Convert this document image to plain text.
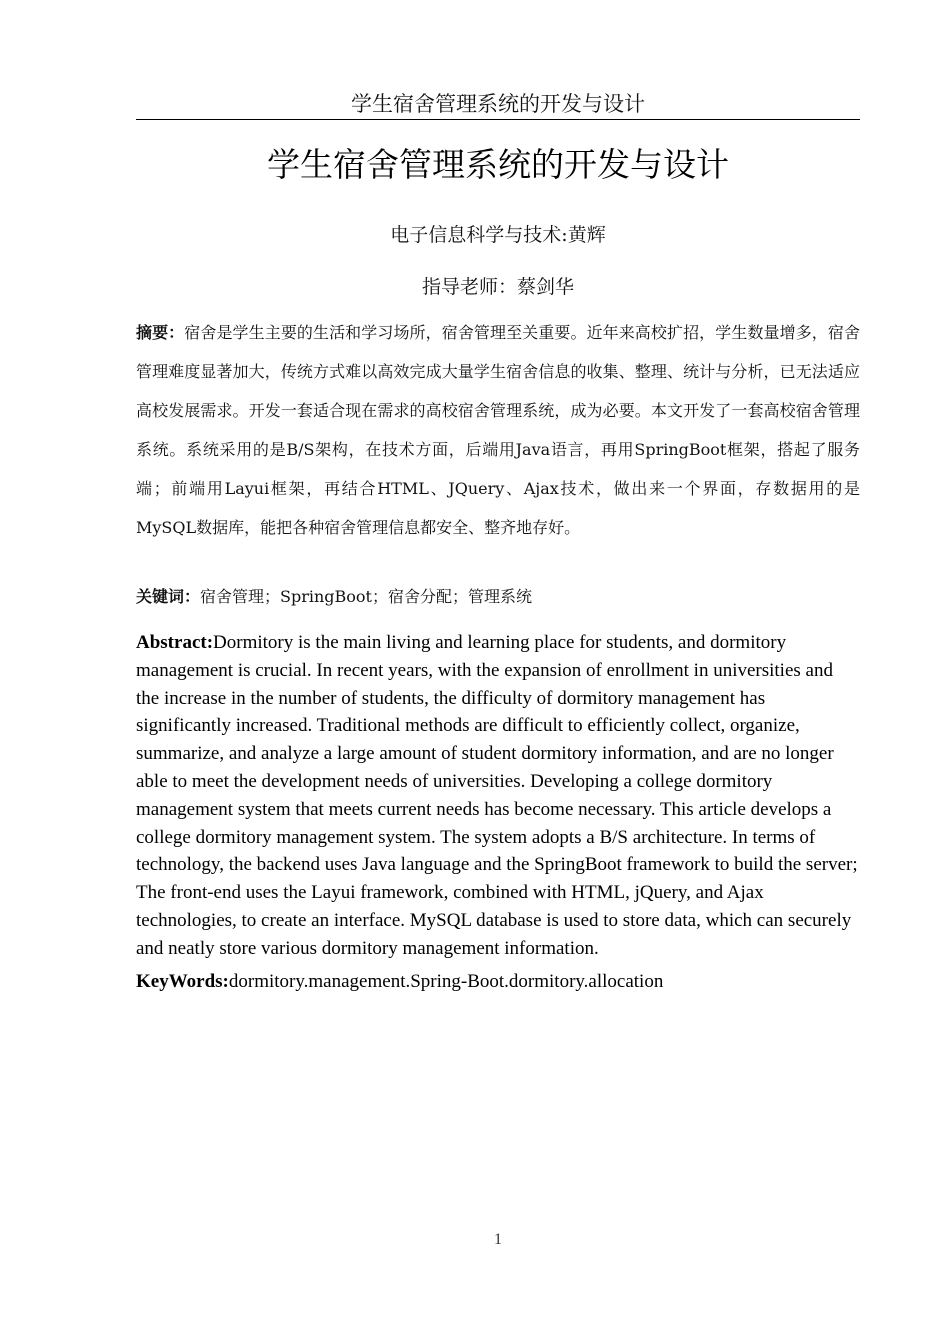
学生宿舍管理系统的开发与设计
学生宿舍管理系统的开发与设计
电子信息科学与技术:黄辉
指导老师：蔡剑华

摘要：宿舍是学生主要的生活和学习场所，宿舍管理至关重要。近年来高校扩招，学生数量增多，宿舍管理难度显著加大，传统方式难以高效完成大量学生宿舍信息的收集、整理、统计与分析，已无法适应高校发展需求。开发一套适合现在需求的高校宿舍管理系统，成为必要。本文开发了一套高校宿舍管理系统。系统采用的是B/S架构，在技术方面，后端用Java语言，再用SpringBoot框架，搭起了服务端；前端用Layui框架，再结合HTML、JQuery、Ajax技术，做出来一个界面，存数据用的是MySQL数据库，能把各种宿舍管理信息都安全、整齐地存好。

关键词：宿舍管理；SpringBoot；宿舍分配；管理系统

Abstract:Dormitory is the main living and learning place for students, and dormitory management is crucial. In recent years, with the expansion of enrollment in universities and the increase in the number of students, the difficulty of dormitory management has significantly increased. Traditional methods are difficult to efficiently collect, organize, summarize, and analyze a large amount of student dormitory information, and are no longer able to meet the development needs of universities. Developing a college dormitory management system that meets current needs has become necessary. This article develops a college dormitory management system. The system adopts a B/S architecture. In terms of technology, the backend uses Java language and the SpringBoot framework to build the server; The front-end uses the Layui framework, combined with HTML, jQuery, and Ajax technologies, to create an interface. MySQL database is used to store data, which can securely and neatly store various dormitory management information.

KeyWords:dormitory.management.Spring-Boot.dormitory.allocation

1
